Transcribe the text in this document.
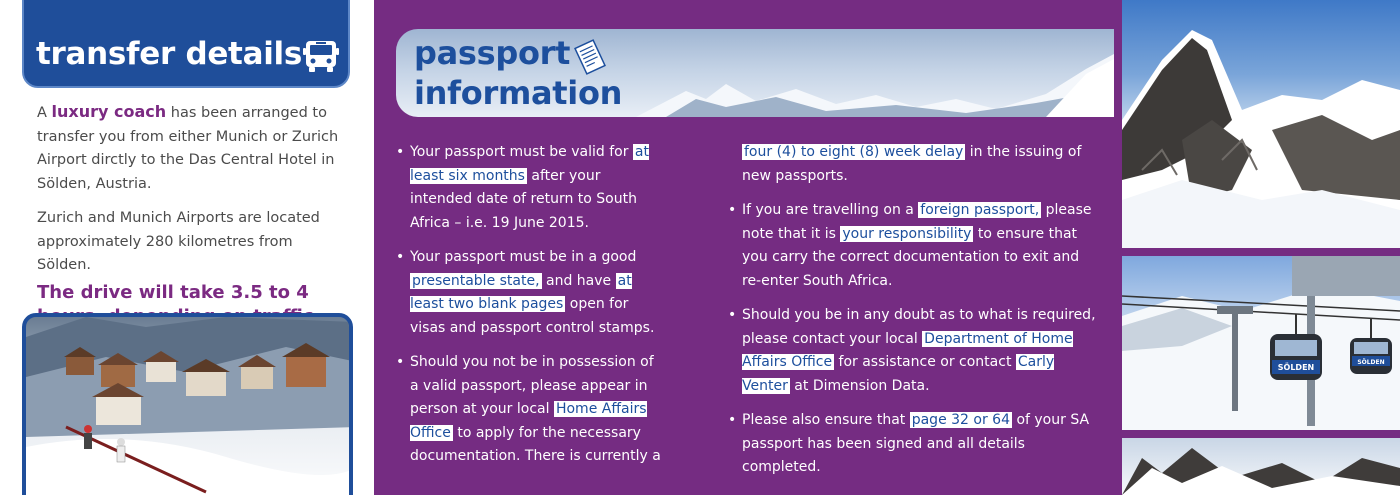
transfer details

A luxury coach has been arranged to transfer you from either Munich or Zurich Airport dirctly to the Das Central Hotel in Sölden, Austria.

Zurich and Munich Airports are located approximately 280 kilometres from Sölden.

The drive will take 3.5 to 4

passport
information
• Your passport must be valid for at least six months after your intended date of return to South Africa – i.e. 19 June 2015.
• Your passport must be in a good presentable state, and have at least two blank pages open for visas and passport control stamps.
• Should you not be in possession of a valid passport, please appear in person at your local Home Affairs Office to apply for the necessary documentation. There is currently a
four (4) to eight (8) week delay in the issuing of new passports.
• If you are travelling on a foreign passport, please note that it is your responsibility to ensure that you carry the correct documentation to exit and re-enter South Africa.
• Should you be in any doubt as to what is required, please contact your local Department of Home Affairs Office for assistance or contact Carly Venter at Dimension Data.
• Please also ensure that page 32 or 64 of your SA passport has been signed and all details completed.
SÖLDEN
SÖLDEN
